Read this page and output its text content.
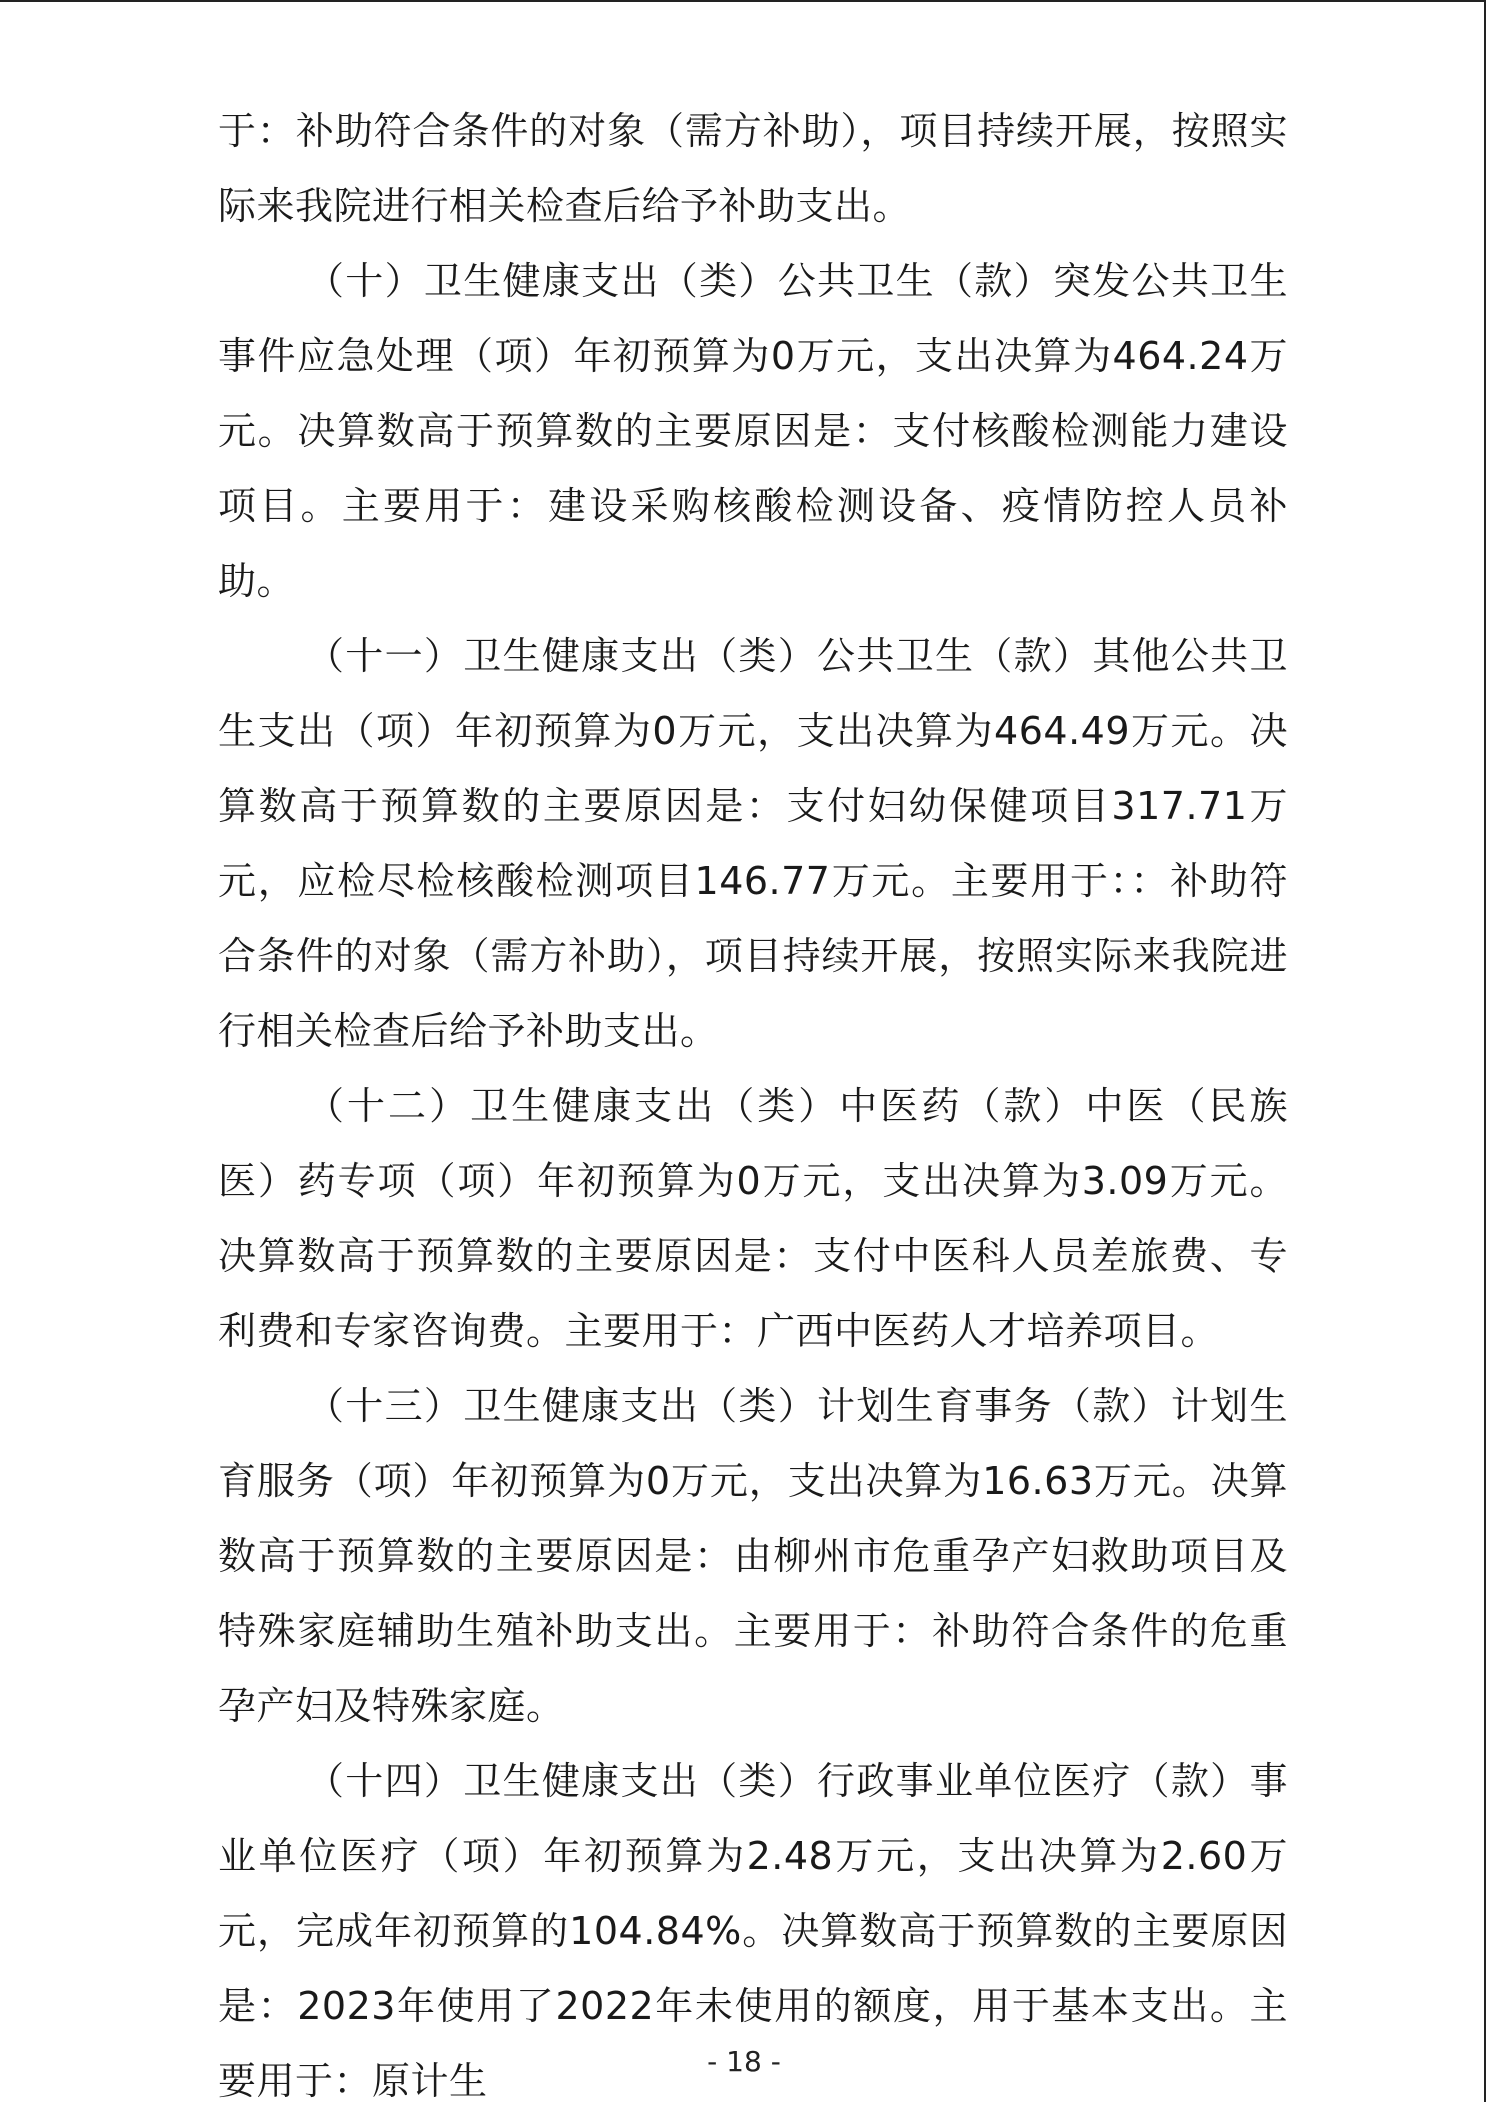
于：补助符合条件的对象（需方补助），项目持续开展，按照实际来我院进行相关检查后给予补助支出。

（十）卫生健康支出（类）公共卫生（款）突发公共卫生事件应急处理（项）年初预算为0万元，支出决算为464.24万元。决算数高于预算数的主要原因是：支付核酸检测能力建设项目。主要用于：建设采购核酸检测设备、疫情防控人员补助。

（十一）卫生健康支出（类）公共卫生（款）其他公共卫生支出（项）年初预算为0万元，支出决算为464.49万元。决算数高于预算数的主要原因是：支付妇幼保健项目317.71万元，应检尽检核酸检测项目146.77万元。主要用于：：补助符合条件的对象（需方补助），项目持续开展，按照实际来我院进行相关检查后给予补助支出。

（十二）卫生健康支出（类）中医药（款）中医（民族医）药专项（项）年初预算为0万元，支出决算为3.09万元。决算数高于预算数的主要原因是：支付中医科人员差旅费、专利费和专家咨询费。主要用于：广西中医药人才培养项目。

（十三）卫生健康支出（类）计划生育事务（款）计划生育服务（项）年初预算为0万元，支出决算为16.63万元。决算数高于预算数的主要原因是：由柳州市危重孕产妇救助项目及特殊家庭辅助生殖补助支出。主要用于：补助符合条件的危重孕产妇及特殊家庭。

（十四）卫生健康支出（类）行政事业单位医疗（款）事业单位医疗（项）年初预算为2.48万元，支出决算为2.60万元，完成年初预算的104.84%。决算数高于预算数的主要原因是：2023年使用了2022年未使用的额度，用于基本支出。主要用于：原计生	- 18 -
